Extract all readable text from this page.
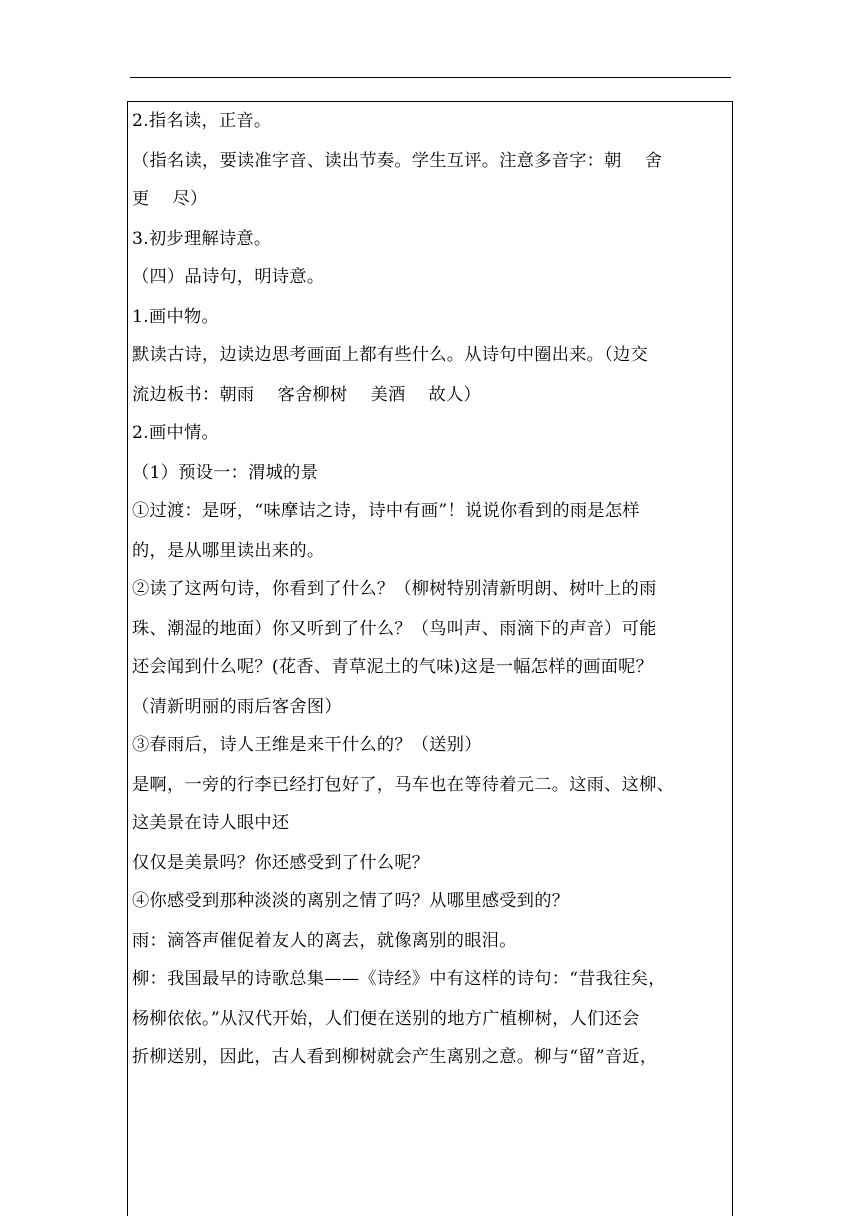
2.指名读，正音。
（指名读，要读准字音、读出节奏。学生互评。注意多音字：朝    舍
更    尽）
3.初步理解诗意。
（四）品诗句，明诗意。
1.画中物。
默读古诗，边读边思考画面上都有些什么。从诗句中圈出来。（边交
流边板书：朝雨    客舍柳树    美酒    故人）
2.画中情。
（1）预设一：渭城的景
①过渡：是呀，“味摩诘之诗，诗中有画”！说说你看到的雨是怎样
的，是从哪里读出来的。
②读了这两句诗，你看到了什么？（柳树特别清新明朗、树叶上的雨
珠、潮湿的地面）你又听到了什么？（鸟叫声、雨滴下的声音）可能
还会闻到什么呢？(花香、青草泥土的气味)这是一幅怎样的画面呢？
（清新明丽的雨后客舍图）
③春雨后，诗人王维是来干什么的？（送别）
是啊，一旁的行李已经打包好了，马车也在等待着元二。这雨、这柳、
这美景在诗人眼中还
仅仅是美景吗？你还感受到了什么呢？
④你感受到那种淡淡的离别之情了吗？从哪里感受到的？
雨：滴答声催促着友人的离去，就像离别的眼泪。
柳：我国最早的诗歌总集——《诗经》中有这样的诗句：“昔我往矣，
杨柳依依。”从汉代开始，人们便在送别的地方广植柳树，人们还会
折柳送别，因此，古人看到柳树就会产生离别之意。柳与“留”音近，
